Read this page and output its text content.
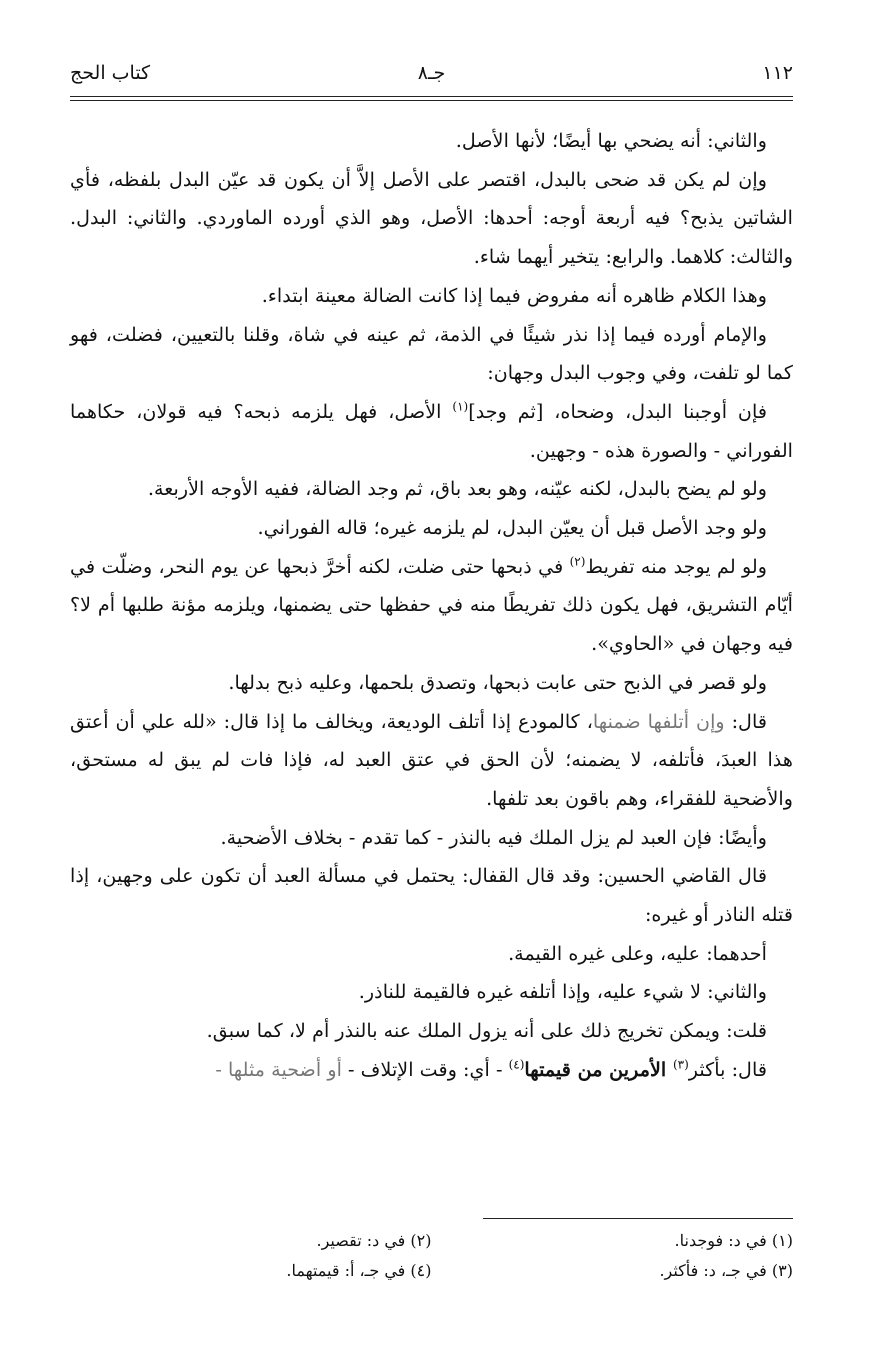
١١٢
جـ٨
كتاب الحج

والثاني: أنه يضحي بها أيضًا؛ لأنها الأصل.

وإن لم يكن قد ضحى بالبدل، اقتصر على الأصل إلاَّ أن يكون قد عيّن البدل بلفظه، فأي الشاتين يذبح؟ فيه أربعة أوجه: أحدها: الأصل، وهو الذي أورده الماوردي. والثاني: البدل. والثالث: كلاهما. والرابع: يتخير أيهما شاء.

وهذا الكلام ظاهره أنه مفروض فيما إذا كانت الضالة معينة ابتداء.

والإمام أورده فيما إذا نذر شيئًا في الذمة، ثم عينه في شاة، وقلنا بالتعيين، فضلت، فهو كما لو تلفت، وفي وجوب البدل وجهان:

فإن أوجبنا البدل، وضحاه، [ثم وجد]$^{(١)}$ الأصل، فهل يلزمه ذبحه؟ فيه قولان، حكاهما الفوراني - والصورة هذه - وجهين.

ولو لم يضح بالبدل، لكنه عيّنه، وهو بعد باق، ثم وجد الضالة، ففيه الأوجه الأربعة.

ولو وجد الأصل قبل أن يعيّن البدل، لم يلزمه غيره؛ قاله الفوراني.

ولو لم يوجد منه تفريط$^{(٢)}$ في ذبحها حتى ضلت، لكنه أخرَّ ذبحها عن يوم النحر، وضلّت في أيّام التشريق، فهل يكون ذلك تفريطًا منه في حفظها حتى يضمنها، ويلزمه مؤنة طلبها أم لا؟ فيه وجهان في «الحاوي».

ولو قصر في الذبح حتى عابت ذبحها، وتصدق بلحمها، وعليه ذبح بدلها.

قال: وإن أتلفها ضمنها، كالمودع إذا أتلف الوديعة، ويخالف ما إذا قال: «لله علي أن أعتق هذا العبدَ، فأتلفه، لا يضمنه؛ لأن الحق في عتق العبد له، فإذا فات لم يبق له مستحق، والأضحية للفقراء، وهم باقون بعد تلفها.

وأيضًا: فإن العبد لم يزل الملك فيه بالنذر - كما تقدم - بخلاف الأضحية.

قال القاضي الحسين: وقد قال القفال: يحتمل في مسألة العبد أن تكون على وجهين، إذا قتله الناذر أو غيره:

أحدهما: عليه، وعلى غيره القيمة.

والثاني: لا شيء عليه، وإذا أتلفه غيره فالقيمة للناذر.

قلت: ويمكن تخريج ذلك على أنه يزول الملك عنه بالنذر أم لا، كما سبق.

قال: بأكثر$^{(٣)}$ الأمرين من قيمتها$^{(٤)}$ - أي: وقت الإتلاف - أو أضحية مثلها -

(١) في د: فوجدنا.
(٢) في د: تقصير.
(٣) في جـ، د: فأكثر.
(٤) في جـ، أ: قيمتهما.
